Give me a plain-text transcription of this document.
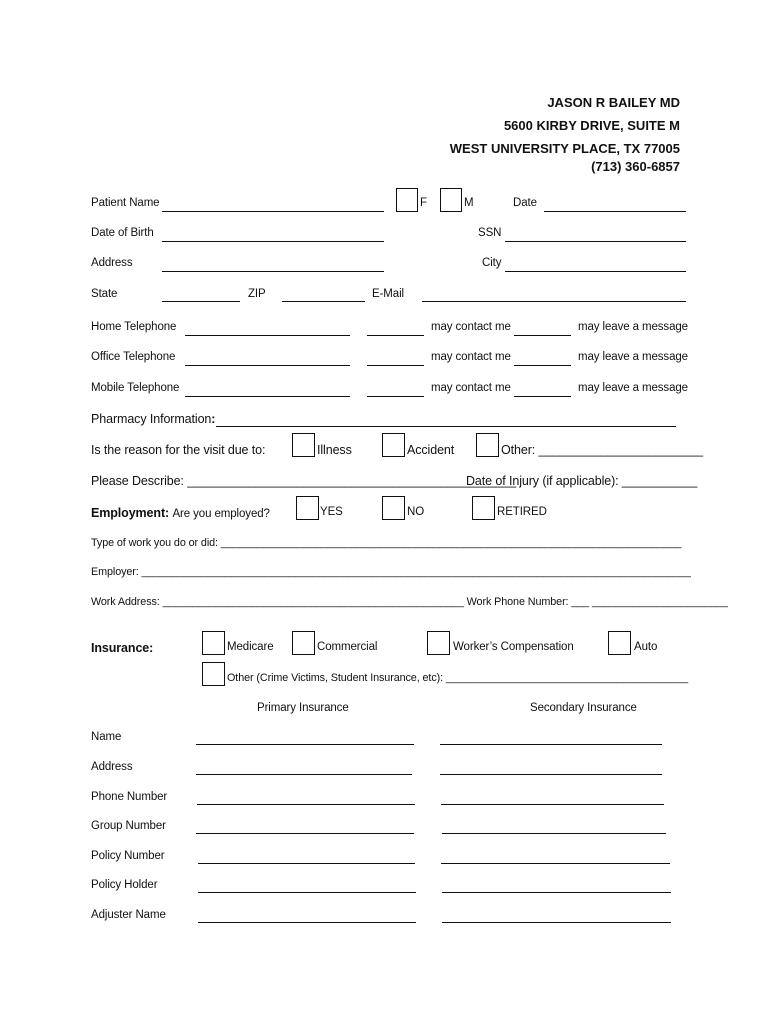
JASON R BAILEY MD
5600 KIRBY DRIVE, SUITE M
WEST UNIVERSITY PLACE, TX 77005
(713) 360-6857
Patient Name	F	M	Date
Date of Birth	SSN
Address	City
State	ZIP	E-Mail
Home Telephone	may contact me	may leave a message
Office Telephone	may contact me	may leave a message
Mobile Telephone	may contact me	may leave a message
Pharmacy Information:
Is the reason for the visit due to:	Illness	Accident	Other: ________________________
Please Describe: ________________________________________________
Date of Injury (if applicable): ___________
Employment: Are you employed?	YES	NO	RETIRED
Type of work you do or did: ______________________________________________________________________________
Employer: _____________________________________________________________________________________________
Work Address: ___________________________________________________ Work Phone Number: ___ _______________________
Insurance:	Medicare	Commercial	Worker’s Compensation	Auto
Other (Crime Victims, Student Insurance, etc): _________________________________________
Primary Insurance	Secondary Insurance
Name
Address
Phone Number
Group Number
Policy Number
Policy Holder
Adjuster Name
